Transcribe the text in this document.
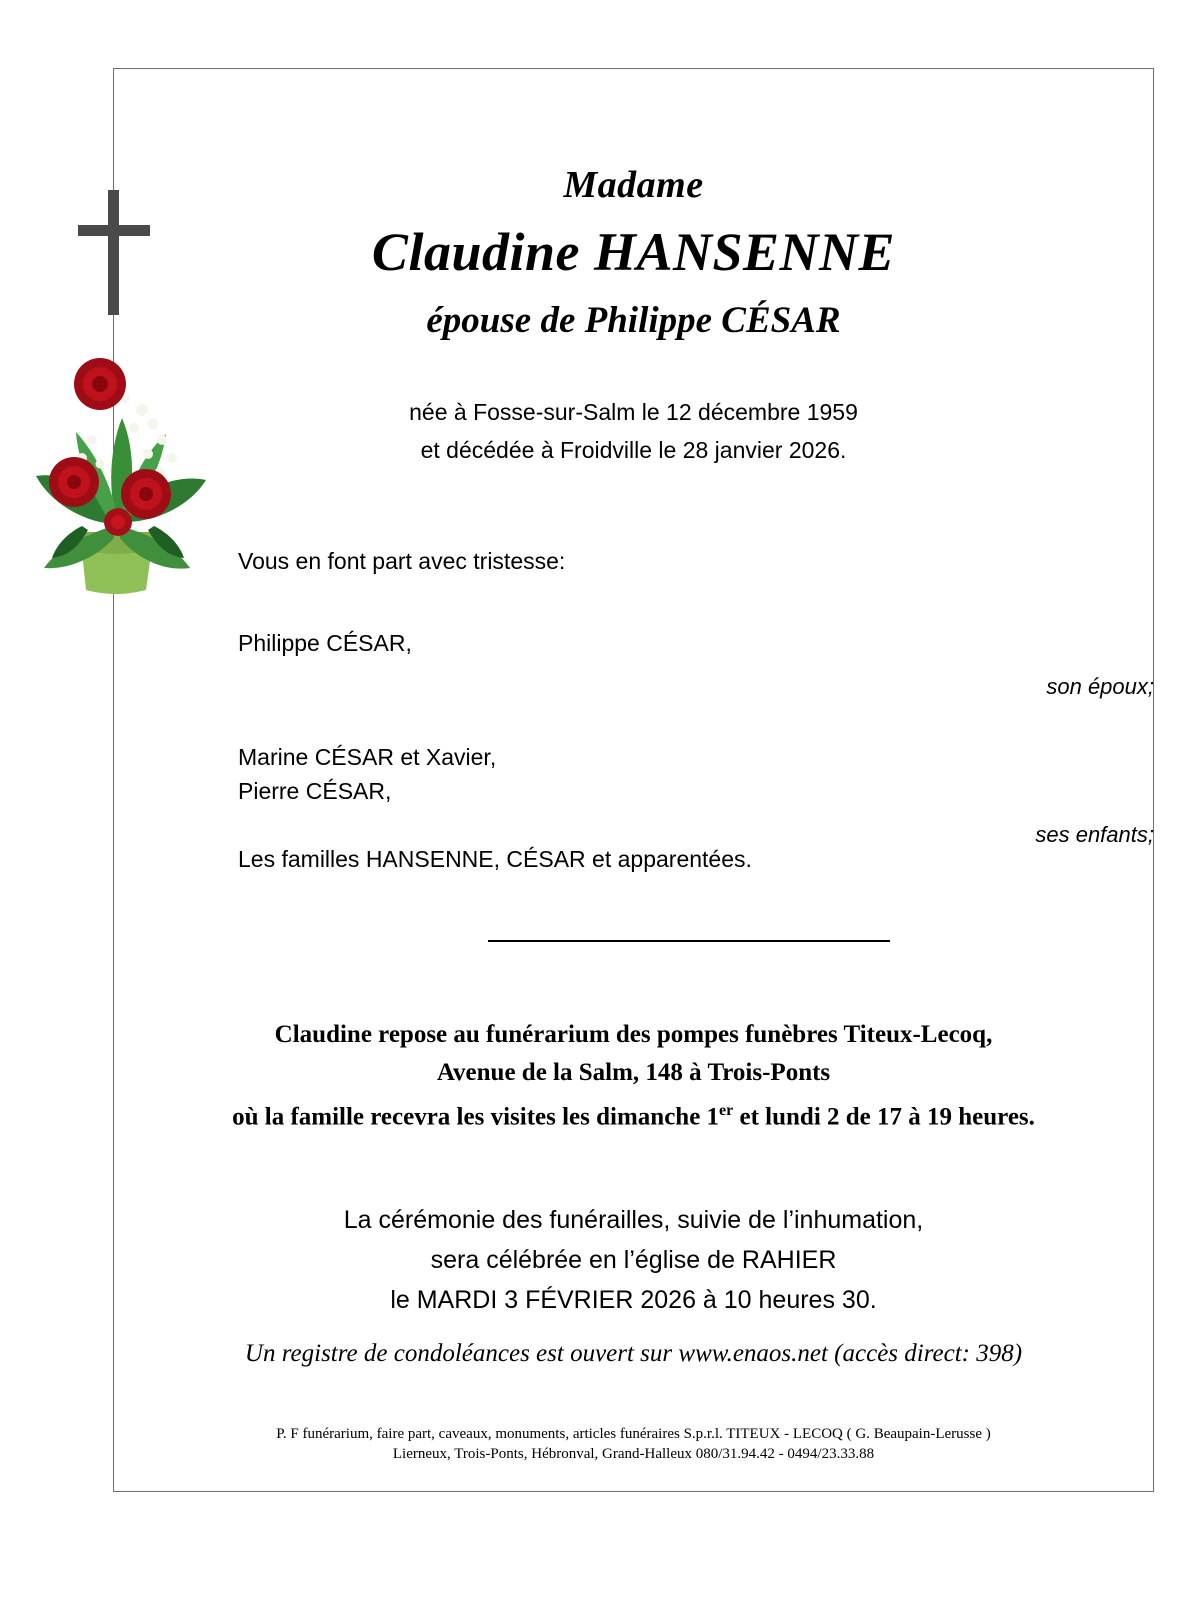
Madame
Claudine HANSENNE
épouse de Philippe CÉSAR
née à Fosse-sur-Salm le 12 décembre 1959
et décédée à Froidville le 28 janvier 2026.
Vous en font part avec tristesse:
Philippe CÉSAR,
son époux;
Marine CÉSAR et Xavier,
Pierre CÉSAR,
ses enfants;
Les familles HANSENNE, CÉSAR et apparentées.
Claudine repose au funérarium des pompes funèbres Titeux-Lecoq,
Avenue de la Salm, 148 à Trois-Ponts
où la famille recevra les visites les dimanche 1er et lundi 2 de 17 à 19 heures.
La cérémonie des funérailles, suivie de l’inhumation,
sera célébrée en l’église de RAHIER
le MARDI 3 FÉVRIER 2026 à 10 heures 30.
Un registre de condoléances est ouvert sur www.enaos.net (accès direct: 398)
P. F funérarium, faire part, caveaux, monuments, articles funéraires S.p.r.l. TITEUX - LECOQ ( G. Beaupain-Lerusse )
Lierneux, Trois-Ponts, Hébronval, Grand-Halleux 080/31.94.42 - 0494/23.33.88
